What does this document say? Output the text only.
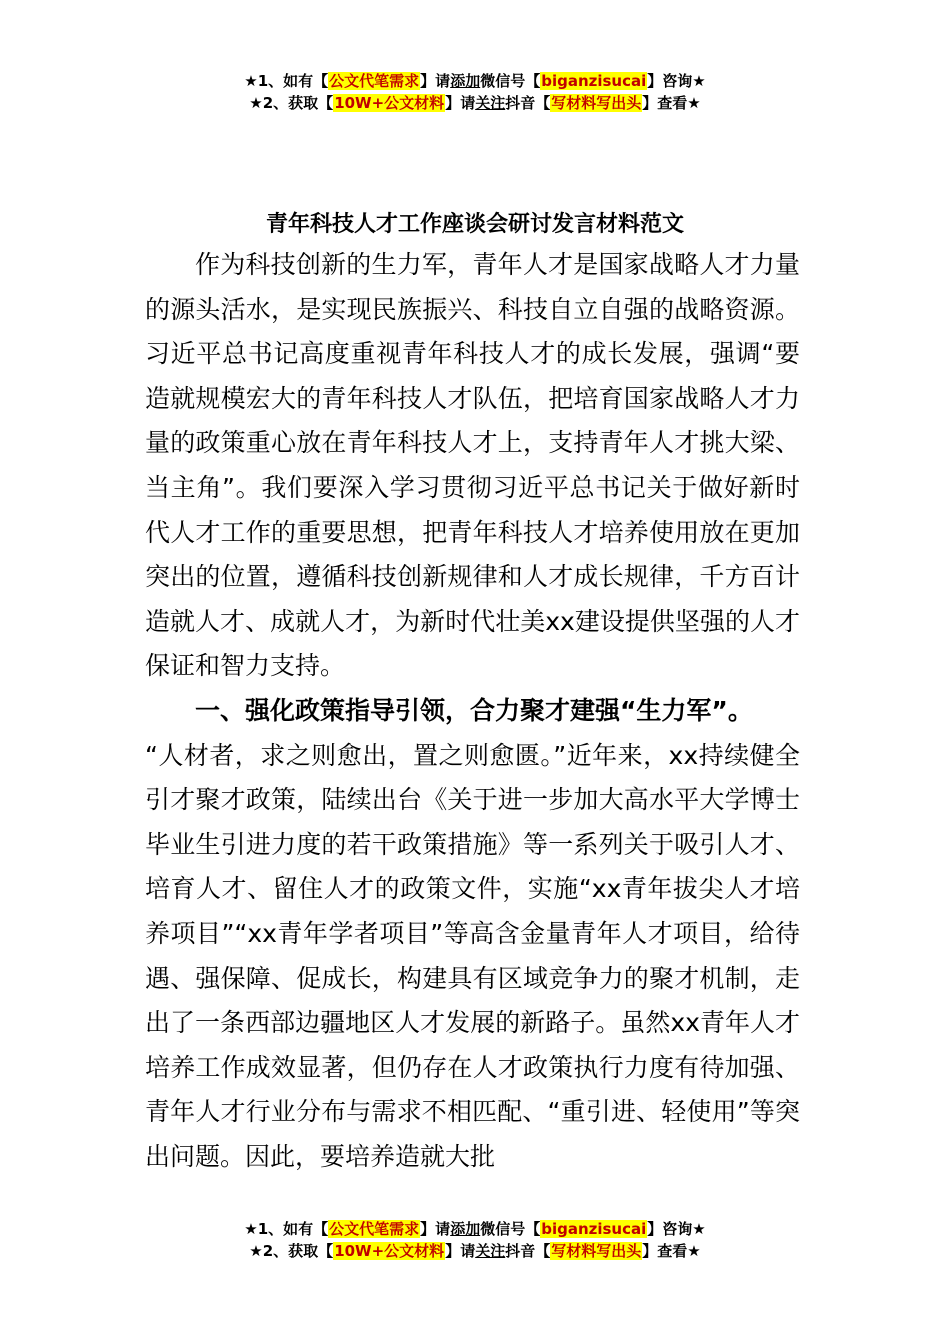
★1、如有【公文代笔需求】请添加微信号【biganzisucai】咨询★
★2、获取【10W+公文材料】请关注抖音【写材料写出头】查看★
青年科技人才工作座谈会研讨发言材料范文

作为科技创新的生力军，青年人才是国家战略人才力量的源头活水，是实现民族振兴、科技自立自强的战略资源。习近平总书记高度重视青年科技人才的成长发展，强调“要造就规模宏大的青年科技人才队伍，把培育国家战略人才力量的政策重心放在青年科技人才上，支持青年人才挑大梁、当主角”。我们要深入学习贯彻习近平总书记关于做好新时代人才工作的重要思想，把青年科技人才培养使用放在更加突出的位置，遵循科技创新规律和人才成长规律，千方百计造就人才、成就人才，为新时代壮美xx建设提供坚强的人才保证和智力支持。

一、强化政策指导引领，合力聚才建强“生力军”。

“人材者，求之则愈出，置之则愈匮。”近年来，xx持续健全引才聚才政策，陆续出台《关于进一步加大高水平大学博士毕业生引进力度的若干政策措施》等一系列关于吸引人才、培育人才、留住人才的政策文件，实施“xx青年拔尖人才培养项目”“xx青年学者项目”等高含金量青年人才项目，给待遇、强保障、促成长，构建具有区域竞争力的聚才机制，走出了一条西部边疆地区人才发展的新路子。虽然xx青年人才培养工作成效显著，但仍存在人才政策执行力度有待加强、青年人才行业分布与需求不相匹配、“重引进、轻使用”等突出问题。因此，要培养造就大批

★1、如有【公文代笔需求】请添加微信号【biganzisucai】咨询★
★2、获取【10W+公文材料】请关注抖音【写材料写出头】查看★
